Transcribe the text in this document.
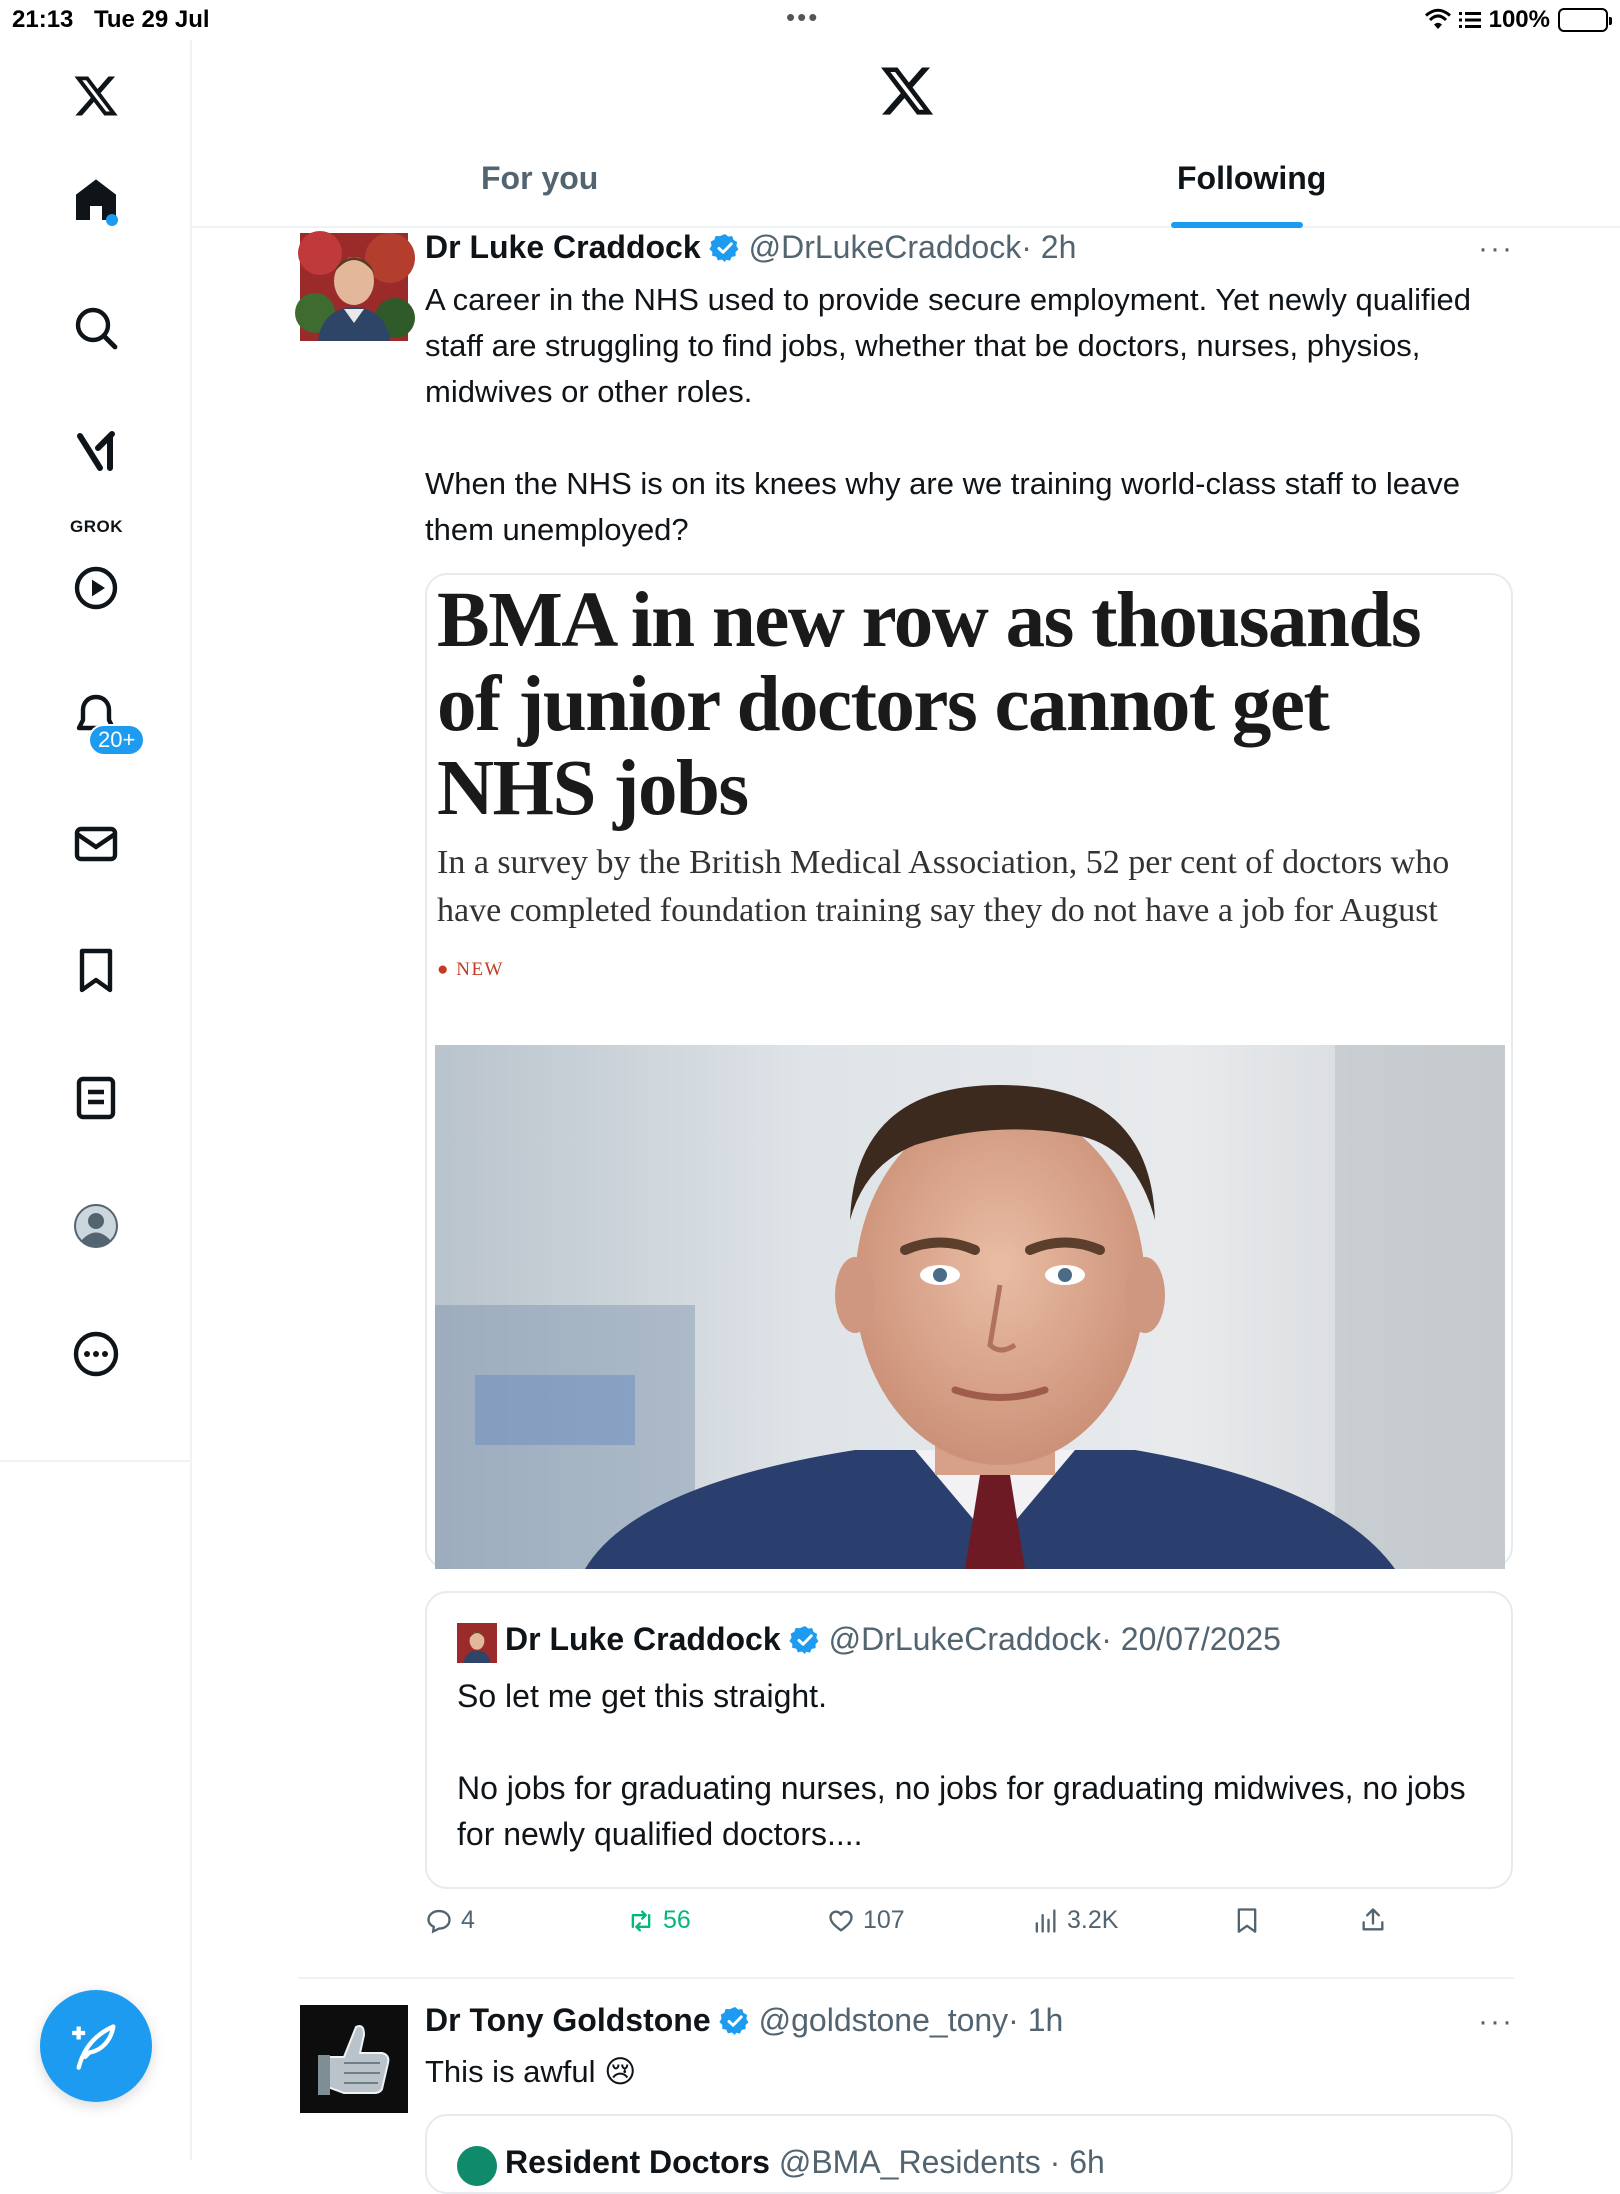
21:13 Tue 29 Jul	•••	100%
GROK
20+
For you	Following
Dr Luke Craddock @DrLukeCraddock · 2h	···
A career in the NHS used to provide secure employment. Yet newly qualified staff are struggling to find jobs, whether that be doctors, nurses, physios, midwives or other roles.

When the NHS is on its knees why are we training world-class staff to leave them unemployed?
BMA in new row as thousands of junior doctors cannot get NHS jobs
In a survey by the British Medical Association, 52 per cent of doctors who have completed foundation training say they do not have a job for August
● NEW
Dr Luke Craddock @DrLukeCraddock · 20/07/2025
So let me get this straight.

No jobs for graduating nurses, no jobs for graduating midwives, no jobs for newly qualified doctors....
4	56	107	3.2K
Dr Tony Goldstone @goldstone_tony · 1h	···
This is awful 😢
Resident Doctors @BMA_Residents · 6h
